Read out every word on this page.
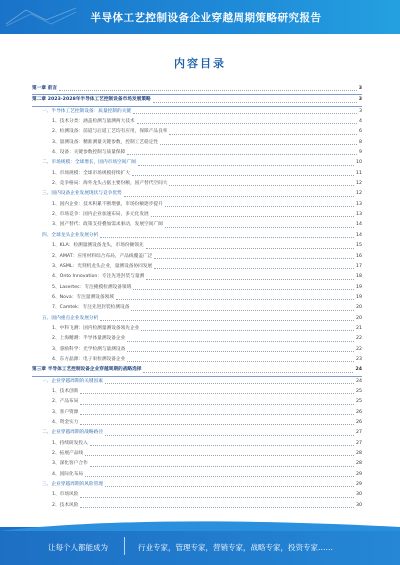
半导体工艺控制设备企业穿越周期策略研究报告
内容目录
第一章 前言	3
第二章 2023-2028年半导体工艺控制设备市场发展策略	3
一、半导体工艺控制设备：质量控制的关键	3
1、技术分类：涵盖检测与量测两大技术	4
2、检测设备：前道与后道工艺均有应用，保障产品良率	6
3、量测设备：精准测量关键参数，控制工艺稳定性	8
4、设备：关键参数控制与质量保障	9
二、市场规模：全球增长，国内市场空间广阔	10
1、市场规模：全球市场规模持续扩大	11
2、竞争格局：海外龙头占据主要份额，国产替代空间大	12
三、国内设备企业发展现状与竞争优势	12
1、国内企业：技术积累不断增强，市场份额逐步提升	13
2、市场竞争：国内企业加速布局，多元化发展	13
3、国产替代：政策支持叠加需求驱动，发展空间广阔	14
四、全球龙头企业发展分析	14
1、KLA：检测量测设备龙头，市场份额领先	15
2、AMAT：应用材料综合布局，产品线覆盖广泛	16
3、ASML：光刻机龙头企业，量测设备协同发展	17
4、Onto Innovation：专注先进封装与量测	18
5、Lasertec：专注掩模检测设备领域	19
6、Nova：专注量测设备领域	19
7、Camtek：专注先进封装检测设备	20
五、国内重点企业发展分析	20
1、中科飞测：国内检测量测设备领先企业	21
2、上海精测：半导体量测设备企业	22
3、睿励科学：光学检测与量测设备	22
4、东方晶源：电子束检测设备企业	23
第三章 半导体工艺控制设备企业穿越周期的战略选择	24
一、企业穿越周期的关键因素	24
1、技术创新	25
2、产品布局	25
3、客户资源	26
4、资金实力	26
二、企业穿越周期的战略路径	27
1、持续研发投入	27
2、拓展产品线	28
3、深化客户合作	28
4、国际化布局	29
三、企业穿越周期的风险管理	29
1、市场风险	30
2、技术风险	30
让每个人都能成为	行业专家，管理专家，营销专家，战略专家，投资专家……
